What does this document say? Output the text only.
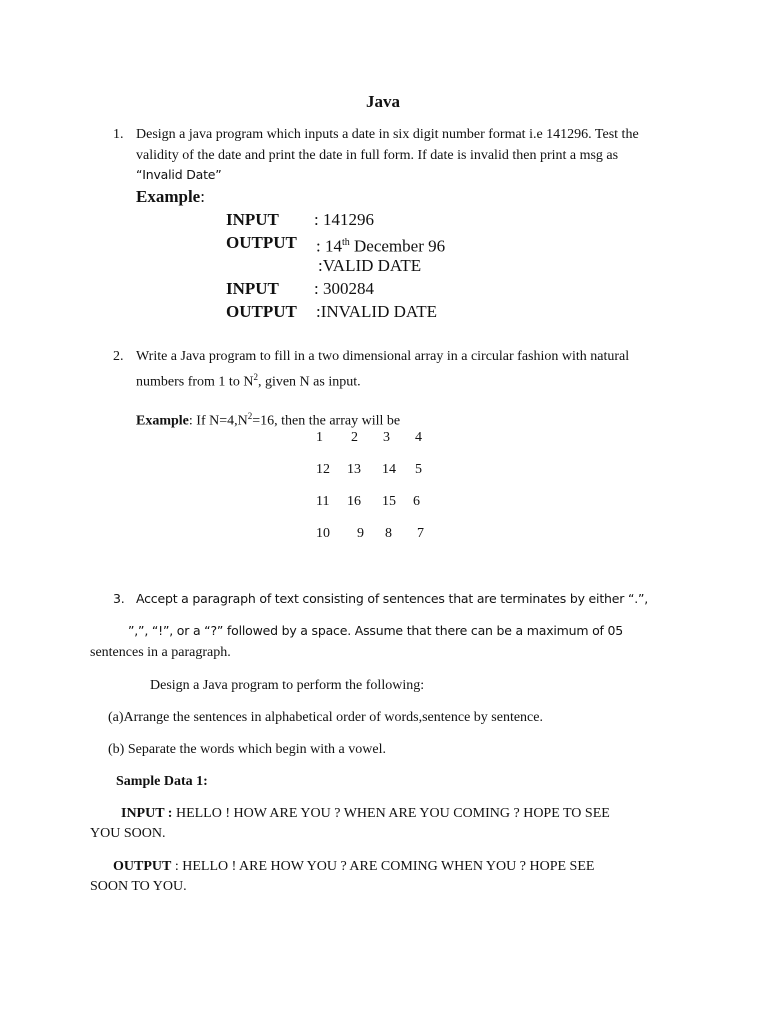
Java
1. Design a java program which inputs a date in six digit number format i.e 141296. Test the
validity of the date and print the date in full form. If date is invalid then print a msg as
“Invalid Date”
Example:
INPUT : 141296
OUTPUT : 14th December 96
:VALID DATE
INPUT : 300284
OUTPUT :INVALID DATE
2. Write a Java program to fill in a two dimensional array in a circular fashion with natural
numbers from 1 to $N^2$, given N as input.
Example: If $N=4,N^2=16$, then the array will be
1	2	3	4
12	13	14	5
11	16	15	6
10	9	8	7
3. Accept a paragraph of text consisting of sentences that are terminates by either “.”,
”,”, “!”, or a “?” followed by a space. Assume that there can be a maximum of 05
sentences in a paragraph.
Design a Java program to perform the following:
(a)Arrange the sentences in alphabetical order of words,sentence by sentence.
(b) Separate the words which begin with a vowel.
Sample Data 1:
INPUT : HELLO ! HOW ARE YOU ? WHEN ARE YOU COMING ? HOPE TO SEE
YOU SOON.
OUTPUT : HELLO ! ARE HOW YOU ? ARE COMING WHEN YOU ? HOPE SEE
SOON TO YOU.
